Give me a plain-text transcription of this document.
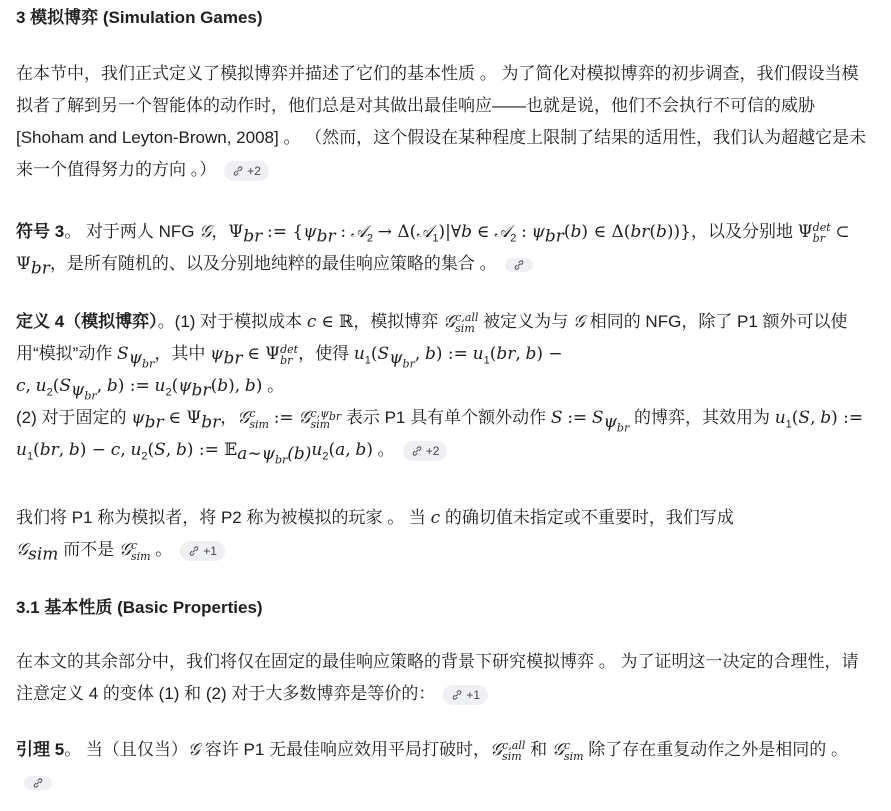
3 模拟博弈 (Simulation Games)

在本节中，我们正式定义了模拟博弈并描述了它们的基本性质 。 为了简化对模拟博弈的初步调查，我们假设当模拟者了解到另一个智能体的动作时，他们总是对其做出最佳响应——也就是说，他们不会执行不可信的威胁 [Shoham and Leyton-Brown, 2008] 。 （然而，这个假设在某种程度上限制了结果的适用性，我们认为超越它是未来一个值得努力的方向 。）	+2

符号 3。 对于两人 NFG 𝒢，$\Psi_{br}$ := {$\psi_{br}$ : 𝒜$_2$ → Δ(𝒜$_1$)|∀b ∈ 𝒜$_2$ : $\psi_{br}(b)$ ∈ Δ(br(b))}，以及分别地 Ψ det
br ⊂ $\Psi_{br}$，是所有随机的、以及分别地纯粹的最佳响应策略的集合 。

定义 4（模拟博弈）。(1) 对于模拟成本 c ∈ ℝ，模拟博弈 𝒢 c,all
sim 被定义为与 𝒢 相同的 NFG，除了 P1 额外可以使用“模拟”动作 $S_{\psi_{br}}$，其中 $\psi_{br}$ ∈ Ψ det
br ，使得 $u_1(S_{\psi_{br}}$, b) := $u_1(br$, b) −
c, $u_2(S_{\psi_{br}}$, b) := $u_2(\psi_{br}(b)$, b) 。
(2) 对于固定的 $\psi_{br}$ ∈ $\Psi_{br}$，𝒢 c
sim := 𝒢 $c,\psi_{br}$
sim 表示 P1 具有单个额外动作 S := $S_{\psi_{br}}$ 的博弈，其效用为 $u_1(S$, b) := $u_1(br$, b) − c, $u_2(S$, b) := $𝔼_{a\sim\psi_{br}(b)}u_2(a$, b) 。	+2

我们将 P1 称为模拟者，将 P2 称为被模拟的玩家 。 当 c 的确切值未指定或不重要时，我们写成
𝒢$_{sim}$ 而不是 𝒢 c
sim 。	+1

3.1 基本性质 (Basic Properties)

在本文的其余部分中，我们将仅在固定的最佳响应策略的背景下研究模拟博弈 。 为了证明这一决定的合理性，请注意定义 4 的变体 (1) 和 (2) 对于大多数博弈是等价的：	+1

引理 5。 当（且仅当）𝒢 容许 P1 无最佳响应效用平局打破时，𝒢 c,all
sim 和 𝒢 c
sim 除了存在重复动作之外是相同的 。
